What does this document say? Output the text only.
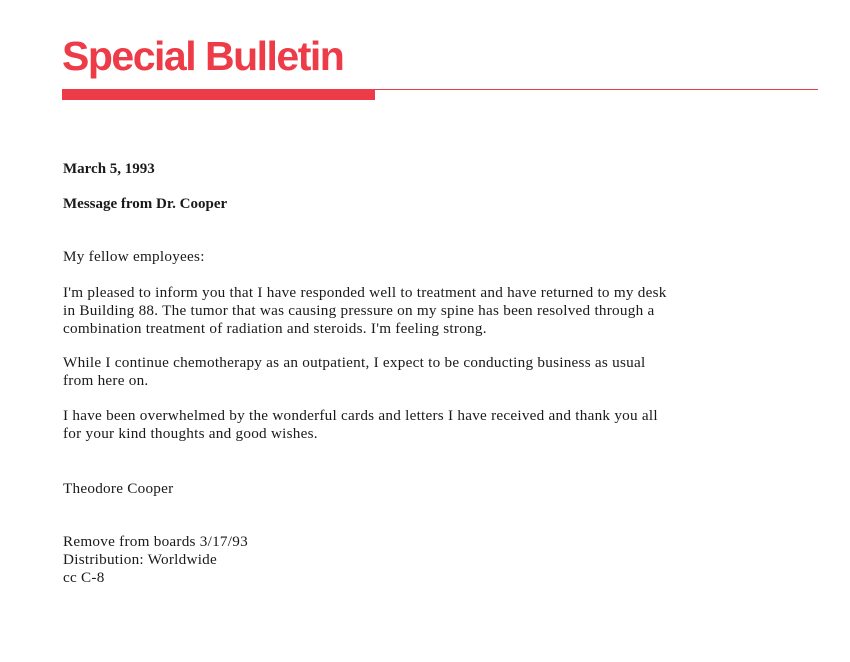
Special Bulletin

March 5, 1993

Message from Dr. Cooper

My fellow employees:

I'm pleased to inform you that I have responded well to treatment and have returned to my desk
in Building 88. The tumor that was causing pressure on my spine has been resolved through a
combination treatment of radiation and steroids. I'm feeling strong.

While I continue chemotherapy as an outpatient, I expect to be conducting business as usual
from here on.

I have been overwhelmed by the wonderful cards and letters I have received and thank you all
for your kind thoughts and good wishes.

Theodore Cooper

Remove from boards 3/17/93
Distribution: Worldwide
cc C-8
